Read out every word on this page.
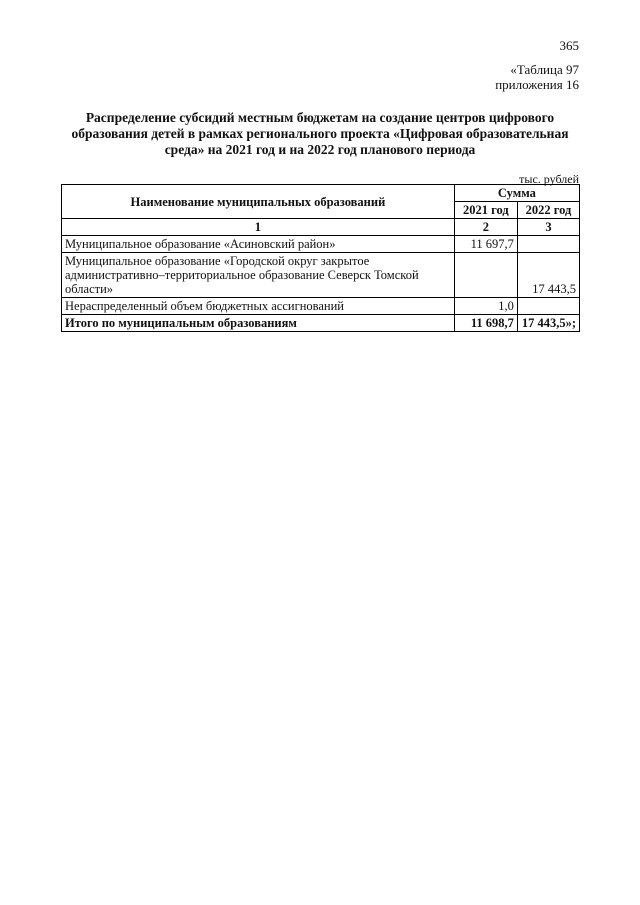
365
«Таблица 97
приложения 16
Распределение субсидий местным бюджетам на создание центров цифрового образования детей в рамках регионального проекта «Цифровая образовательная среда» на 2021 год и на 2022 год планового периода
тыс. рублей
Наименование муниципальных образований	Сумма	
	2021 год	2022 год
1	2	3
Муниципальное образование «Асиновский район»	11 697,7	
Муниципальное образование «Городской округ закрытое административно–территориальное образование Северск Томской области»		17 443,5
Нераспределенный объем бюджетных ассигнований	1,0	
Итого по муниципальным образованиям	11 698,7	17 443,5»;
